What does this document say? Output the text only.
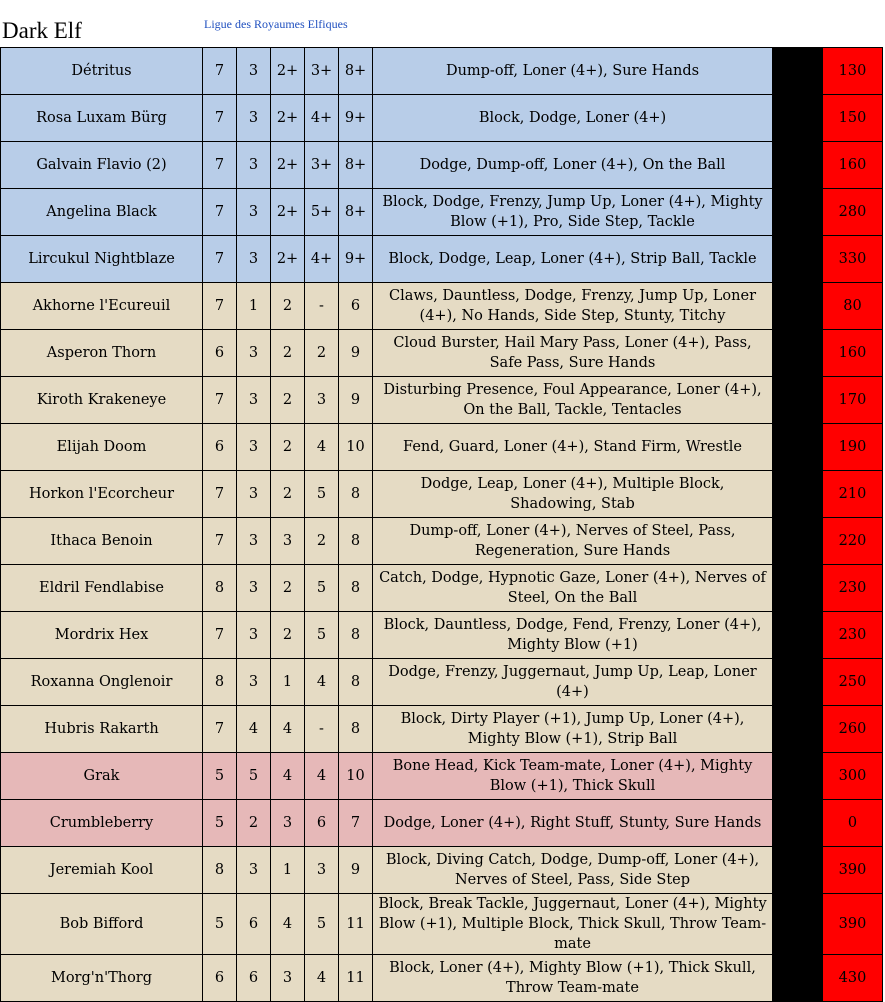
Dark Elf	Ligue des Royaumes Elfiques
Détritus	7	3	2+	3+	8+	Dump-off, Loner (4+), Sure Hands	26	130
Rosa Luxam Bürg	7	3	2+	4+	9+	Block, Dodge, Loner (4+)	30	150
Galvain Flavio (2)	7	3	2+	3+	8+	Dodge, Dump-off, Loner (4+), On the Ball	32	160
Angelina Black	7	3	2+	5+	8+	Block, Dodge, Frenzy, Jump Up, Loner (4+), Mighty Blow (+1), Pro, Side Step, Tackle	56	280
Lircukul Nightblaze	7	3	2+	4+	9+	Block, Dodge, Leap, Loner (4+), Strip Ball, Tackle	66	330
Akhorne l'Ecureuil	7	1	2	-	6	Claws, Dauntless, Dodge, Frenzy, Jump Up, Loner (4+), No Hands, Side Step, Stunty, Titchy		80
Asperon Thorn	6	3	2	2	9	Cloud Burster, Hail Mary Pass, Loner (4+), Pass, Safe Pass, Sure Hands		160
Kiroth Krakeneye	7	3	2	3	9	Disturbing Presence, Foul Appearance, Loner (4+), On the Ball, Tackle, Tentacles		170
Elijah Doom	6	3	2	4	10	Fend, Guard, Loner (4+), Stand Firm, Wrestle		190
Horkon l'Ecorcheur	7	3	2	5	8	Dodge, Leap, Loner (4+), Multiple Block, Shadowing, Stab		210
Ithaca Benoin	7	3	3	2	8	Dump-off, Loner (4+), Nerves of Steel, Pass, Regeneration, Sure Hands		220
Eldril Fendlabise	8	3	2	5	8	Catch, Dodge, Hypnotic Gaze, Loner (4+), Nerves of Steel, On the Ball		230
Mordrix Hex	7	3	2	5	8	Block, Dauntless, Dodge, Fend, Frenzy, Loner (4+), Mighty Blow (+1)		230
Roxanna Onglenoir	8	3	1	4	8	Dodge, Frenzy, Juggernaut, Jump Up, Leap, Loner (4+)		250
Hubris Rakarth	7	4	4	-	8	Block, Dirty Player (+1), Jump Up, Loner (4+), Mighty Blow (+1), Strip Ball		260
Grak	5	5	4	4	10	Bone Head, Kick Team-mate, Loner (4+), Mighty Blow (+1), Thick Skull		300
Crumbleberry	5	2	3	6	7	Dodge, Loner (4+), Right Stuff, Stunty, Sure Hands		0
Jeremiah Kool	8	3	1	3	9	Block, Diving Catch, Dodge, Dump-off, Loner (4+), Nerves of Steel, Pass, Side Step		390
Bob Bifford	5	6	4	5	11	Block, Break Tackle, Juggernaut, Loner (4+), Mighty Blow (+1), Multiple Block, Thick Skull, Throw Team-mate		390
Morg'n'Thorg	6	6	3	4	11	Block, Loner (4+), Mighty Blow (+1), Thick Skull, Throw Team-mate		430
